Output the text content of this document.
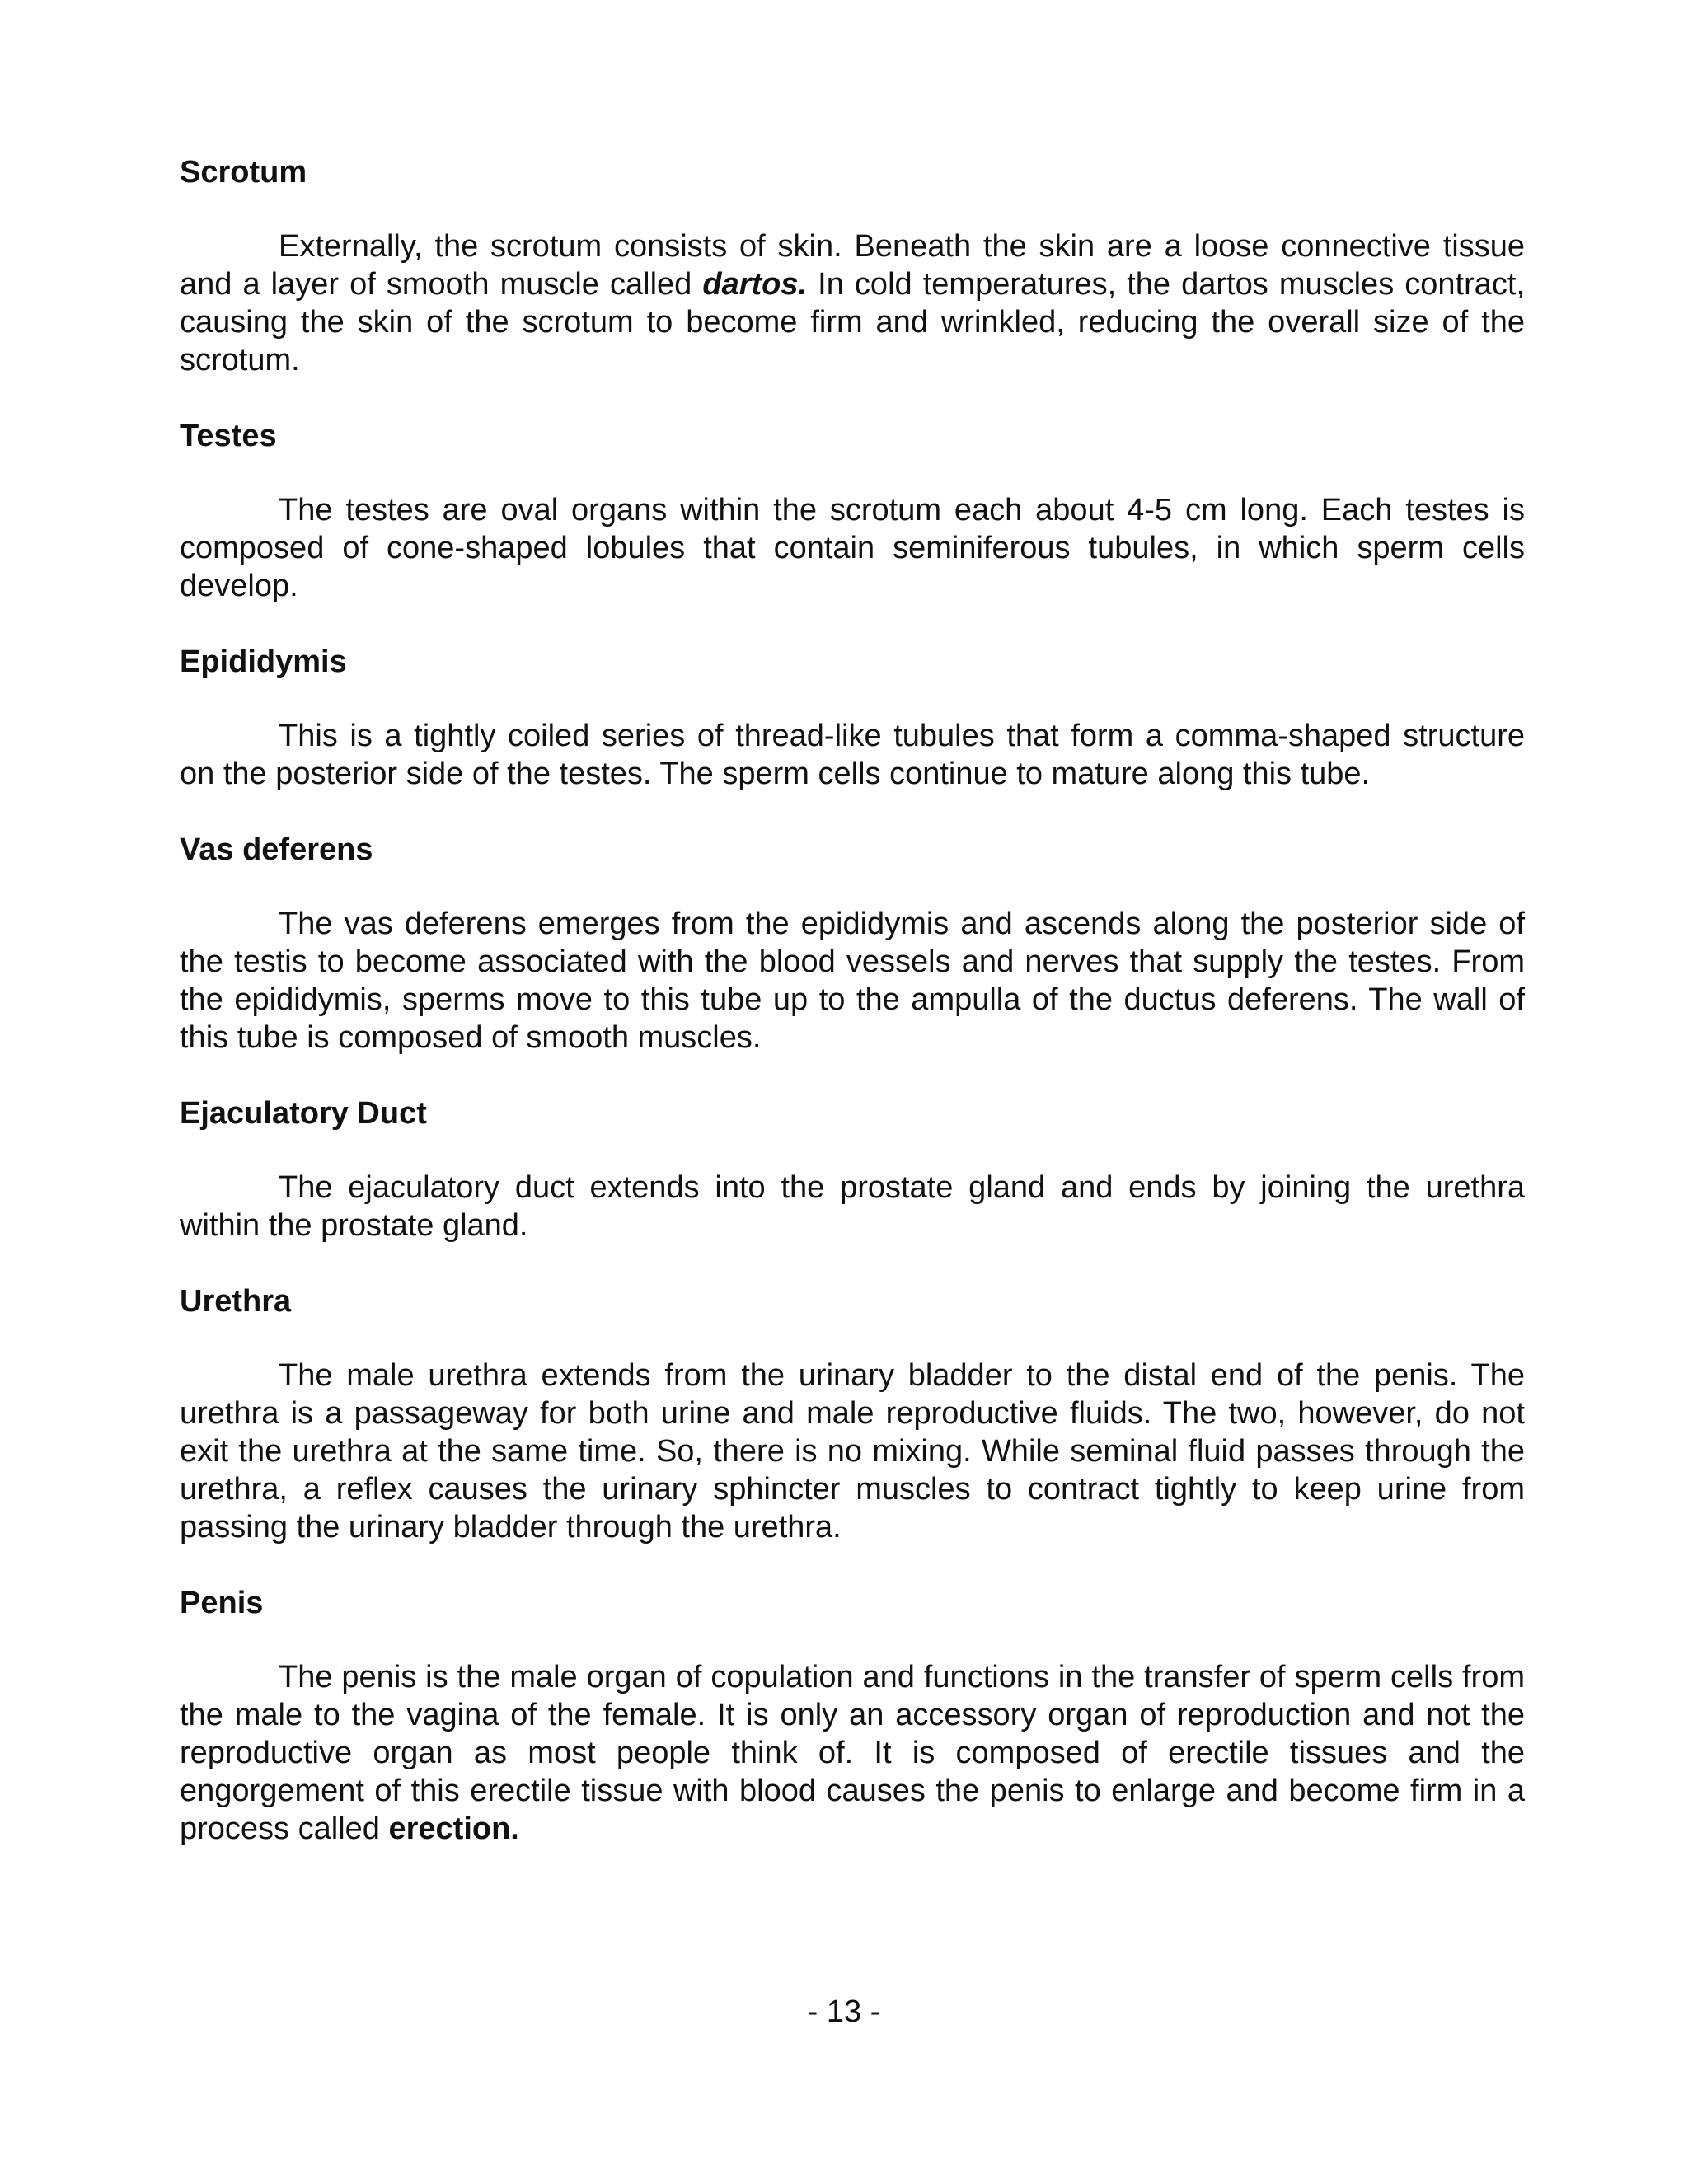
Scrotum

Externally, the scrotum consists of skin. Beneath the skin are a loose connective tissue and a layer of smooth muscle called dartos. In cold temperatures, the dartos muscles contract, causing the skin of the scrotum to become firm and wrinkled, reducing the overall size of the scrotum.

Testes

The testes are oval organs within the scrotum each about 4-5 cm long. Each testes is composed of cone-shaped lobules that contain seminiferous tubules, in which sperm cells develop.

Epididymis

This is a tightly coiled series of thread-like tubules that form a comma-shaped structure on the posterior side of the testes. The sperm cells continue to mature along this tube.

Vas deferens

The vas deferens emerges from the epididymis and ascends along the posterior side of the testis to become associated with the blood vessels and nerves that supply the testes. From the epididymis, sperms move to this tube up to the ampulla of the ductus deferens. The wall of this tube is composed of smooth muscles.

Ejaculatory Duct

The ejaculatory duct extends into the prostate gland and ends by joining the urethra within the prostate gland.

Urethra

The male urethra extends from the urinary bladder to the distal end of the penis. The urethra is a passageway for both urine and male reproductive fluids. The two, however, do not exit the urethra at the same time. So, there is no mixing. While seminal fluid passes through the urethra, a reflex causes the urinary sphincter muscles to contract tightly to keep urine from passing the urinary bladder through the urethra.

Penis

The penis is the male organ of copulation and functions in the transfer of sperm cells from the male to the vagina of the female. It is only an accessory organ of reproduction and not the reproductive organ as most people think of. It is composed of erectile tissues and the engorgement of this erectile tissue with blood causes the penis to enlarge and become firm in a process called erection.

- 13 -
